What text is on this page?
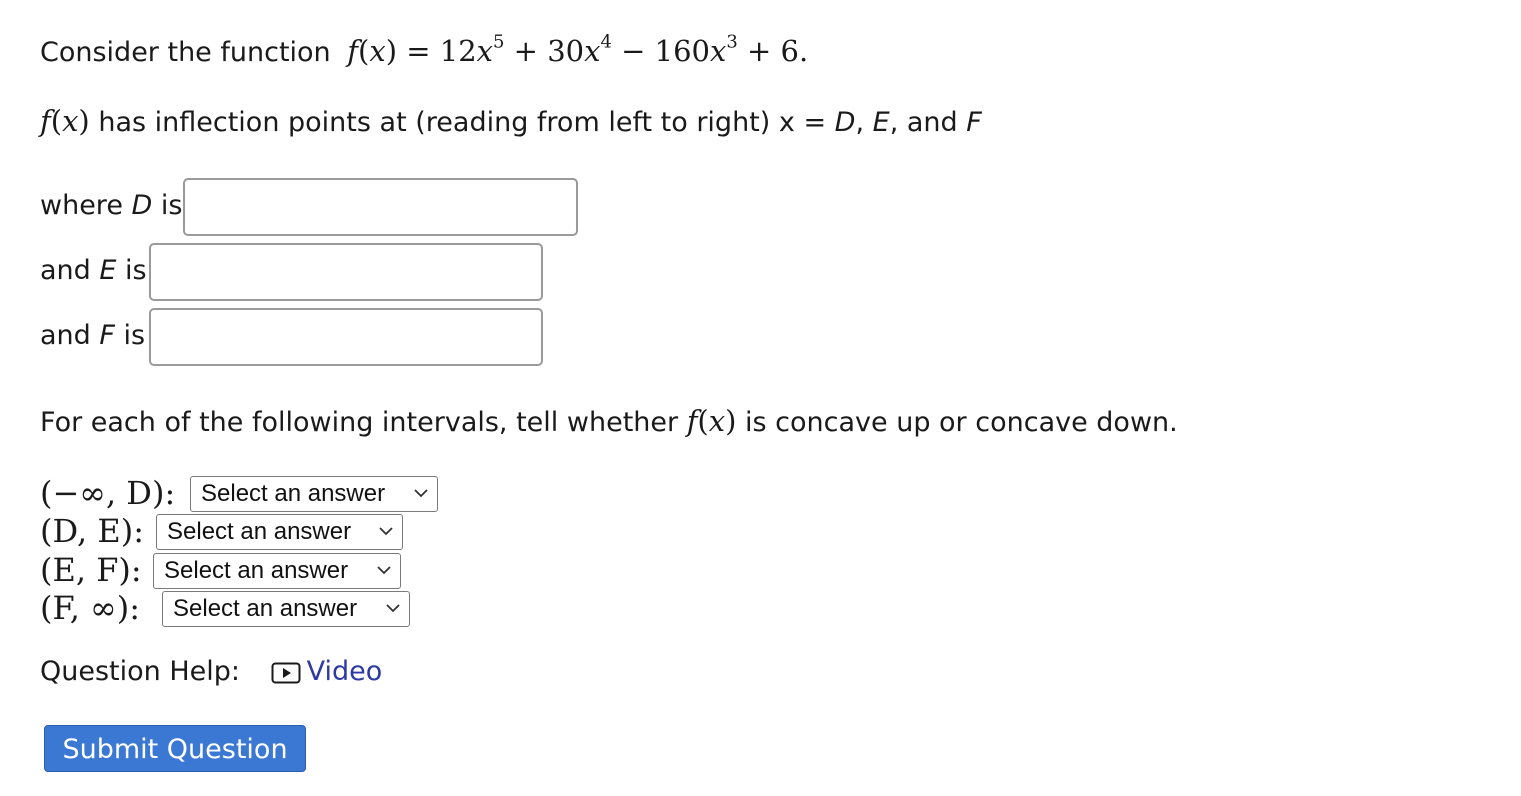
Consider the function $f(x) = 12x^5 + 30x^4 - 160x^3 + 6$.
f(x) has inflection points at (reading from left to right) x = D, E, and F
where D is
and E is
and F is
For each of the following intervals, tell whether f(x) is concave up or concave down.
(−∞, D):	Select an answer
(D, E): Select an answer
(E, F): Select an answer
(F, ∞):	Select an answer
Question Help: Video
Submit Question
